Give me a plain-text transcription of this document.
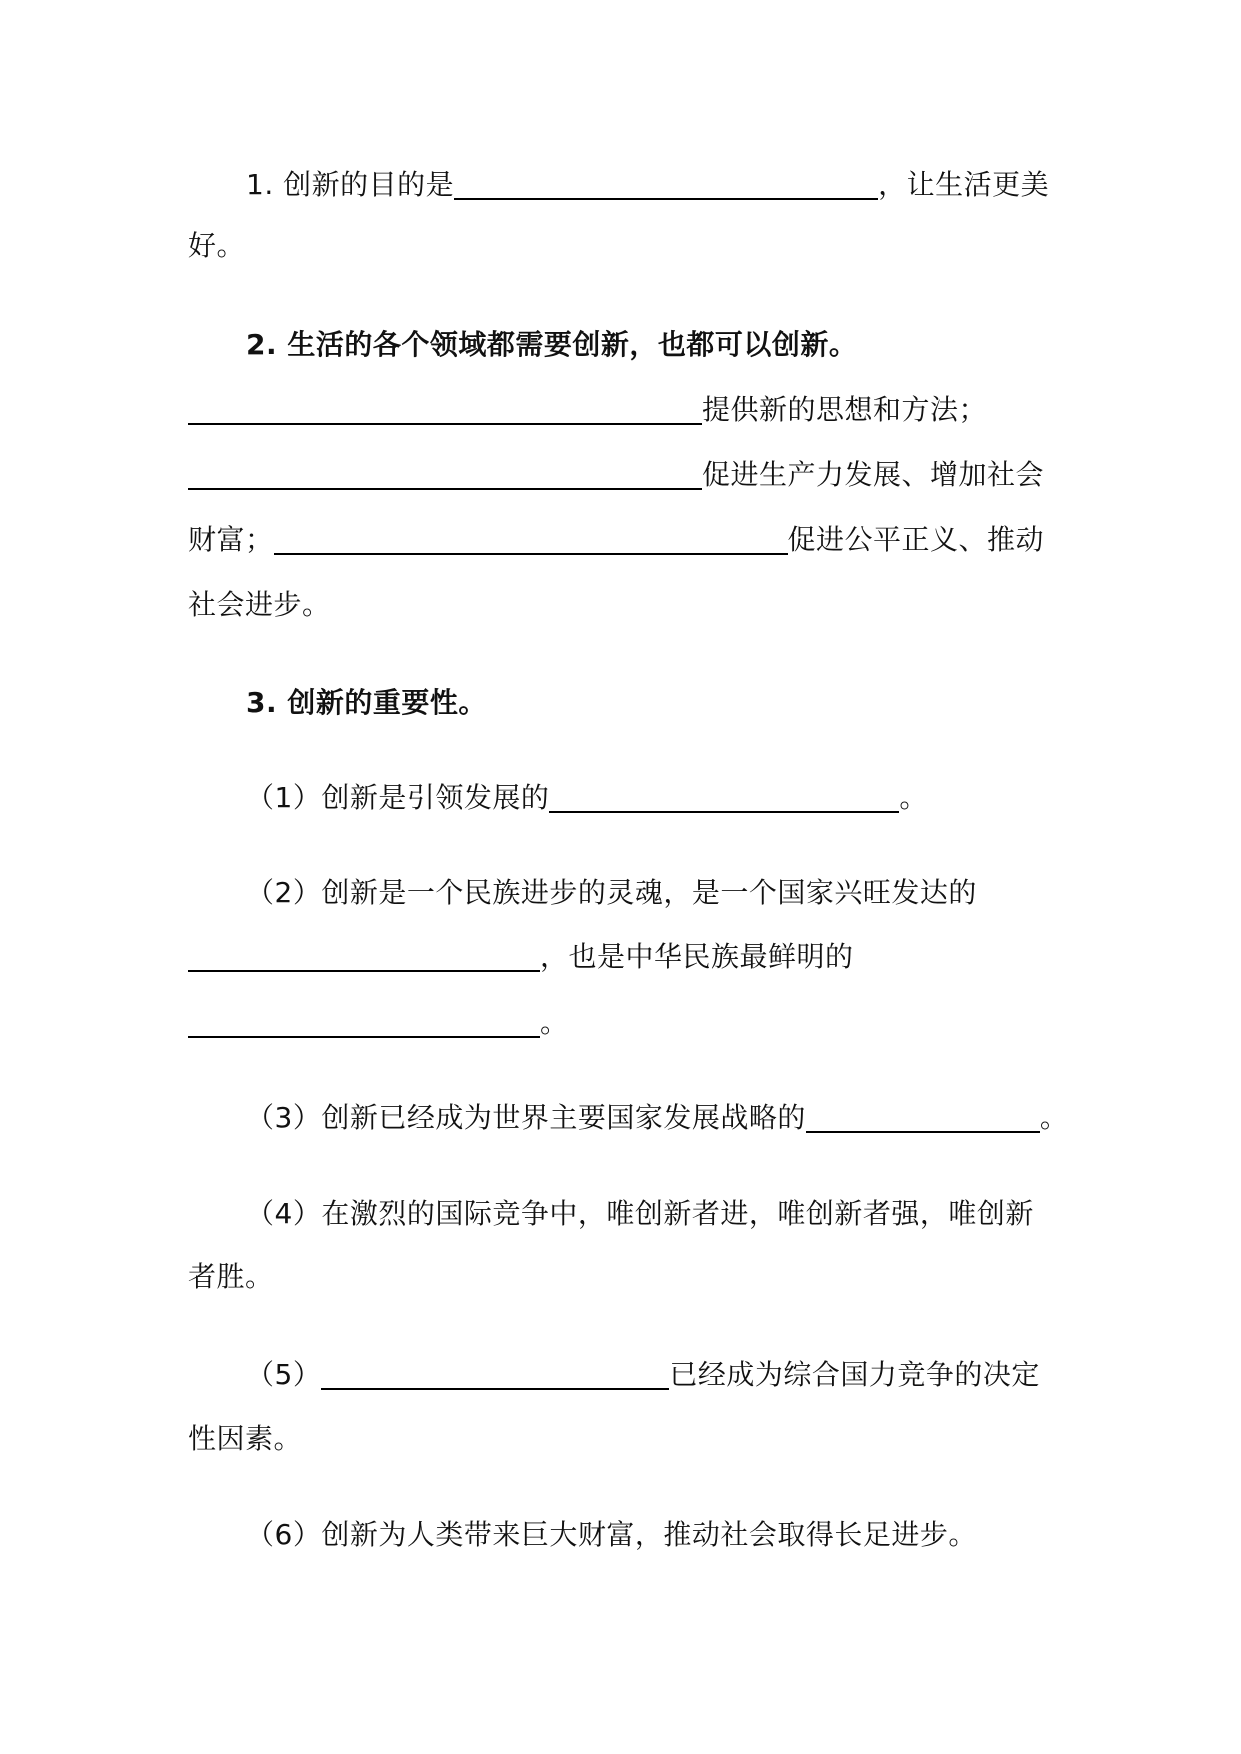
1. 创新的目的是	，让生活更美
好。
2. 生活的各个领域都需要创新，也都可以创新。
提供新的思想和方法；
促进生产力发展、增加社会
财富；	促进公平正义、推动
社会进步。
3. 创新的重要性。
（1）创新是引领发展的	。
（2）创新是一个民族进步的灵魂，是一个国家兴旺发达的
，也是中华民族最鲜明的
。
（3）创新已经成为世界主要国家发展战略的	。
（4）在激烈的国际竞争中，唯创新者进，唯创新者强，唯创新
者胜。
（5）	已经成为综合国力竞争的决定
性因素。
（6）创新为人类带来巨大财富，推动社会取得长足进步。
